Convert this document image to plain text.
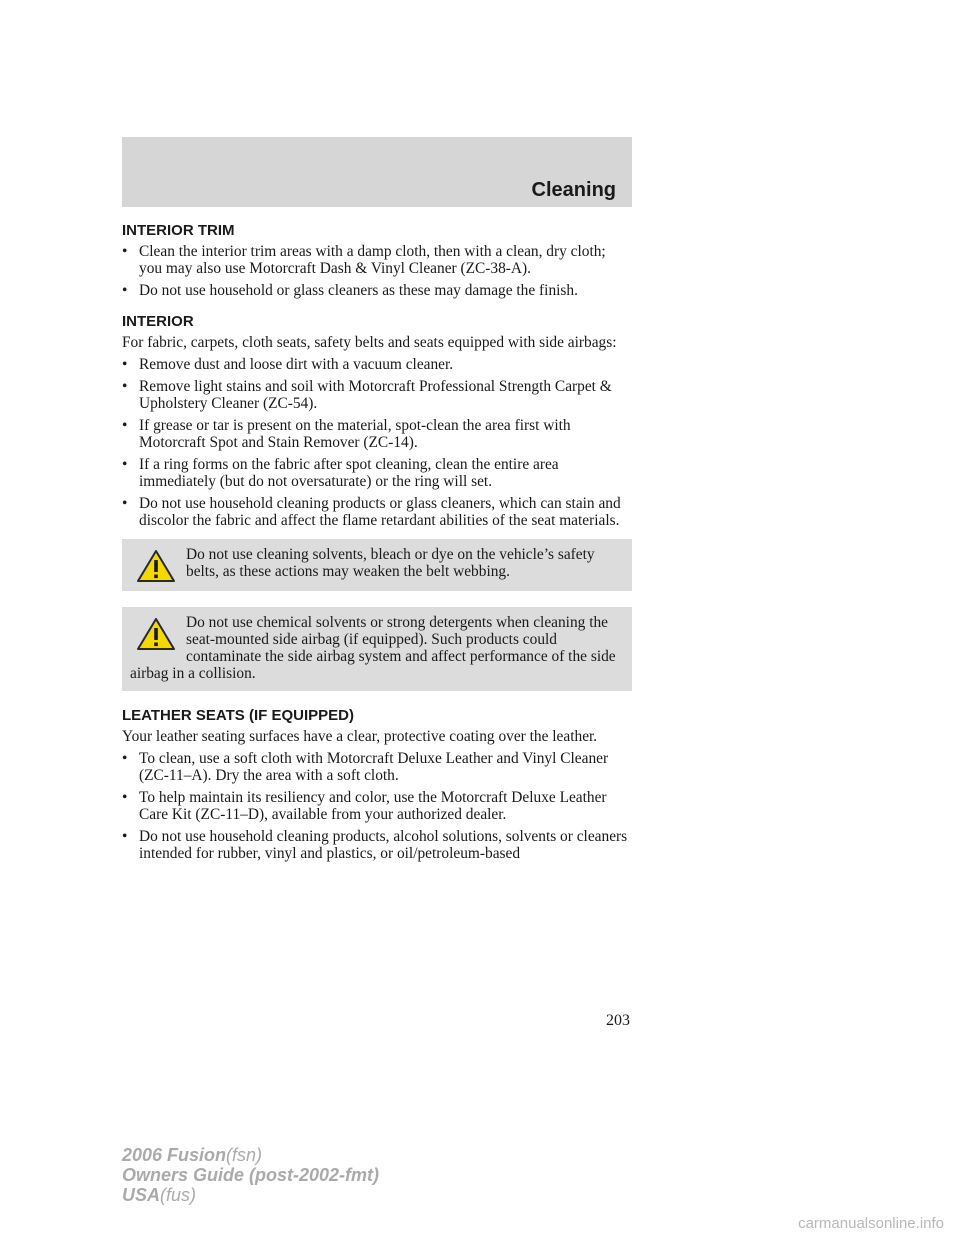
Cleaning
INTERIOR TRIM
• Clean the interior trim areas with a damp cloth, then with a clean, dry cloth; you may also use Motorcraft Dash & Vinyl Cleaner (ZC-38-A).
• Do not use household or glass cleaners as these may damage the finish.
INTERIOR
For fabric, carpets, cloth seats, safety belts and seats equipped with side airbags:
• Remove dust and loose dirt with a vacuum cleaner.
• Remove light stains and soil with Motorcraft Professional Strength Carpet & Upholstery Cleaner (ZC-54).
• If grease or tar is present on the material, spot-clean the area first with Motorcraft Spot and Stain Remover (ZC-14).
• If a ring forms on the fabric after spot cleaning, clean the entire area immediately (but do not oversaturate) or the ring will set.
• Do not use household cleaning products or glass cleaners, which can stain and discolor the fabric and affect the flame retardant abilities of the seat materials.
Do not use cleaning solvents, bleach or dye on the vehicle’s safety belts, as these actions may weaken the belt webbing.
Do not use chemical solvents or strong detergents when cleaning the seat-mounted side airbag (if equipped). Such products could contaminate the side airbag system and affect performance of the side airbag in a collision.
LEATHER SEATS (IF EQUIPPED)
Your leather seating surfaces have a clear, protective coating over the leather.
• To clean, use a soft cloth with Motorcraft Deluxe Leather and Vinyl Cleaner (ZC-11–A). Dry the area with a soft cloth.
• To help maintain its resiliency and color, use the Motorcraft Deluxe Leather Care Kit (ZC-11–D), available from your authorized dealer.
• Do not use household cleaning products, alcohol solutions, solvents or cleaners intended for rubber, vinyl and plastics, or oil/petroleum-based
203
2006 Fusion(fsn)
Owners Guide (post-2002-fmt)
USA(fus)
carmanualsonline.info
